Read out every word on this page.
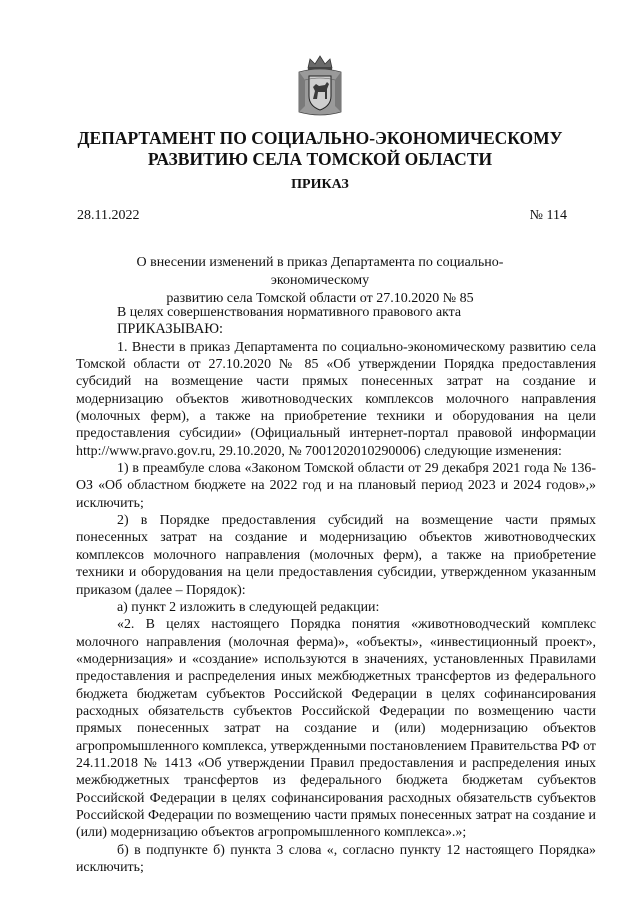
ДЕПАРТАМЕНТ ПО СОЦИАЛЬНО-ЭКОНОМИЧЕСКОМУ
РАЗВИТИЮ СЕЛА ТОМСКОЙ ОБЛАСТИ
ПРИКАЗ
28.11.2022	№ 114
О внесении изменений в приказ Департамента по социально-экономическому
развитию села Томской области от 27.10.2020 № 85

В целях совершенствования нормативного правового акта

ПРИКАЗЫВАЮ:

1. Внести в приказ Департамента по социально-экономическому развитию села Томской области от 27.10.2020 № 85 «Об утверждении Порядка предоставления субсидий на возмещение части прямых понесенных затрат на создание и модернизацию объектов животноводческих комплексов молочного направления (молочных ферм), а также на приобретение техники и оборудования на цели предоставления субсидии» (Официальный интернет-портал правовой информации http://www.pravo.gov.ru, 29.10.2020, № 7001202010290006) следующие изменения:

1) в преамбуле слова «Законом Томской области от 29 декабря 2021 года № 136-ОЗ «Об областном бюджете на 2022 год и на плановый период 2023 и 2024 годов»,» исключить;

2) в Порядке предоставления субсидий на возмещение части прямых понесенных затрат на создание и модернизацию объектов животноводческих комплексов молочного направления (молочных ферм), а также на приобретение техники и оборудования на цели предоставления субсидии, утвержденном указанным приказом (далее – Порядок):

а) пункт 2 изложить в следующей редакции:

«2. В целях настоящего Порядка понятия «животноводческий комплекс молочного направления (молочная ферма)», «объекты», «инвестиционный проект», «модернизация» и «создание» используются в значениях, установленных Правилами предоставления и распределения иных межбюджетных трансфертов из федерального бюджета бюджетам субъектов Российской Федерации в целях софинансирования расходных обязательств субъектов Российской Федерации по возмещению части прямых понесенных затрат на создание и (или) модернизацию объектов агропромышленного комплекса, утвержденными постановлением Правительства РФ от 24.11.2018 № 1413 «Об утверждении Правил предоставления и распределения иных межбюджетных трансфертов из федерального бюджета бюджетам субъектов Российской Федерации в целях софинансирования расходных обязательств субъектов Российской Федерации по возмещению части прямых понесенных затрат на создание и (или) модернизацию объектов агропромышленного комплекса».»;

б) в подпункте б) пункта 3 слова «, согласно пункту 12 настоящего Порядка» исключить;
